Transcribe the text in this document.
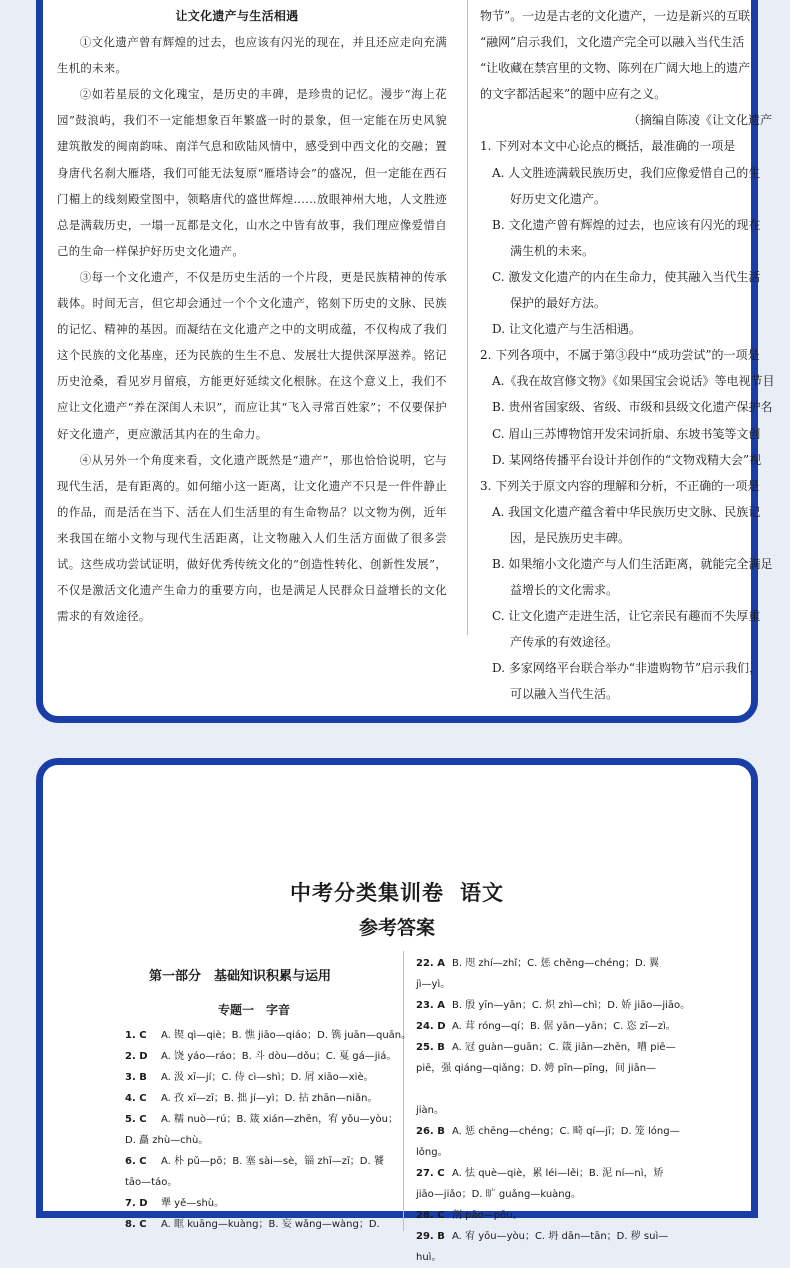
让文化遗产与生活相遇

①文化遗产曾有辉煌的过去，也应该有闪光的现在，并且还应走向充满生机的未来。

②如若星辰的文化瑰宝，是历史的丰碑，是珍贵的记忆。漫步“海上花园”鼓浪屿，我们不一定能想象百年繁盛一时的景象，但一定能在历史风貌建筑散发的闽南韵味、南洋气息和欧陆风情中，感受到中西文化的交融；置身唐代名刹大雁塔，我们可能无法复原“雁塔诗会”的盛况，但一定能在西石门楣上的线刻殿堂图中，领略唐代的盛世辉煌……放眼神州大地，人文胜迹总是满载历史，一塌一瓦都是文化，山水之中皆有故事，我们理应像爱惜自己的生命一样保护好历史文化遗产。

③每一个文化遗产，不仅是历史生活的一个片段，更是民族精神的传承载体。时间无言，但它却会通过一个个文化遗产，铭刻下历史的文脉、民族的记忆、精神的基因。而凝结在文化遗产之中的文明成蕴，不仅构成了我们这个民族的文化基座，还为民族的生生不息、发展壮大提供深厚滋养。铭记历史沧桑，看见岁月留痕，方能更好延续文化根脉。在这个意义上，我们不应让文化遗产“养在深闺人未识”，而应让其“飞入寻常百姓家”；不仅要保护好文化遗产，更应激活其内在的生命力。

④从另外一个角度来看，文化遗产既然是“遗产”，那也恰恰说明，它与现代生活，是有距离的。如何缩小这一距离，让文化遗产不只是一件件静止的作品，而是活在当下、活在人们生活里的有生命物品？以文物为例，近年来我国在缩小文物与现代生活距离，让文物融入人们生活方面做了很多尝试。这些成功尝试证明，做好优秀传统文化的“创造性转化、创新性发展”，不仅是激活文化遗产生命力的重要方向，也是满足人民群众日益增长的文化需求的有效途径。

物节”。一边是古老的文化遗产，一边是新兴的互联
“融网”启示我们，文化遗产完全可以融入当代生活
“让收藏在禁宫里的文物、陈列在广阔大地上的遗产
的文字都活起来”的题中应有之义。
（摘编自陈凌《让文化遗产

1. 下列对本文中心论点的概括，最准确的一项是

A. 人文胜迹满载民族历史，我们应像爱惜自己的生

好历史文化遗产。

B. 文化遗产曾有辉煌的过去，也应该有闪光的现在

满生机的未来。

C. 激发文化遗产的内在生命力，使其融入当代生活

保护的最好方法。

D. 让文化遗产与生活相遇。

2. 下列各项中，不属于第③段中“成功尝试”的一项是

A.《我在故宫修文物》《如果国宝会说话》等电视节目

B. 贵州省国家级、省级、市级和县级文化遗产保护名

C. 眉山三苏博物馆开发宋词折扇、东坡书笺等文创

D. 某网络传播平台设计并创作的“文物戏精大会”视

3. 下列关于原文内容的理解和分析，不正确的一项是

A. 我国文化遗产蕴含着中华民族历史文脉、民族记

因，是民族历史丰碑。

B. 如果缩小文化遗产与人们生活距离，就能完全满足

益增长的文化需求。

C. 让文化遗产走进生活，让它亲民有趣而不失厚重

产传承的有效途径。

D. 多家网络平台联合举办“非遗购物节”启示我们，

可以融入当代生活。

中考分类集训卷 语文
参考答案
第一部分　基础知识积累与运用
专题一　字音

1. C A. 锲 qì—qiè；B. 憔 jiāo—qiáo；D. 镌 juān—quān。

2. D A. 饶 yáo—ráo；B. 斗 dòu—dǒu；C. 戛 gá—jiá。

3. B A. 汲 xī—jí；C. 侍 cì—shì；D. 屑 xiāo—xiè。

4. C A. 孜 xī—zī；B. 拙 jí—yì；D. 拈 zhān—niān。

5. C A. 糯 nuò—rú；B. 箴 xián—zhēn，宥 yǒu—yòu；

D. 矗 zhù—chù。

6. C A. 朴 pǔ—pō；B. 塞 sài—sè，锱 zhī—zī；D. 饕

tāo—táo。

7. D 犟 yě—shù。

8. C A. 眶 kuāng—kuàng；B. 妄 wǎng—wàng；D.

22. A B. 咫 zhí—zhǐ；C. 惩 chěng—chéng；D. 翼

jì—yì。

23. A B. 殷 yīn—yān；C. 炽 zhì—chì；D. 娇 jiāo—jiāo。

24. D A. 茸 róng—qí；B. 倨 yān—yān；C. 恣 zī—zì。

25. B A. 冠 guàn—guān；C. 箴 jiān—zhēn，嘈 piē—

piē，强 qiáng—qiǎng；D. 娉 pīn—pīng，间 jiān—

jiàn。

26. B A. 惩 chēng—chéng；C. 畸 qí—jī；D. 笼 lóng—

lǒng。

27. C A. 怯 què—qiè，累 léi—lěi；B. 泥 ní—nì，矫

jiāo—jiǎo；D. 旷 guǎng—kuàng。

28. C 剖 pāo—pōu。

29. B A. 宥 yōu—yòu；C. 坍 dān—tān；D. 秽 suì—

huì。
